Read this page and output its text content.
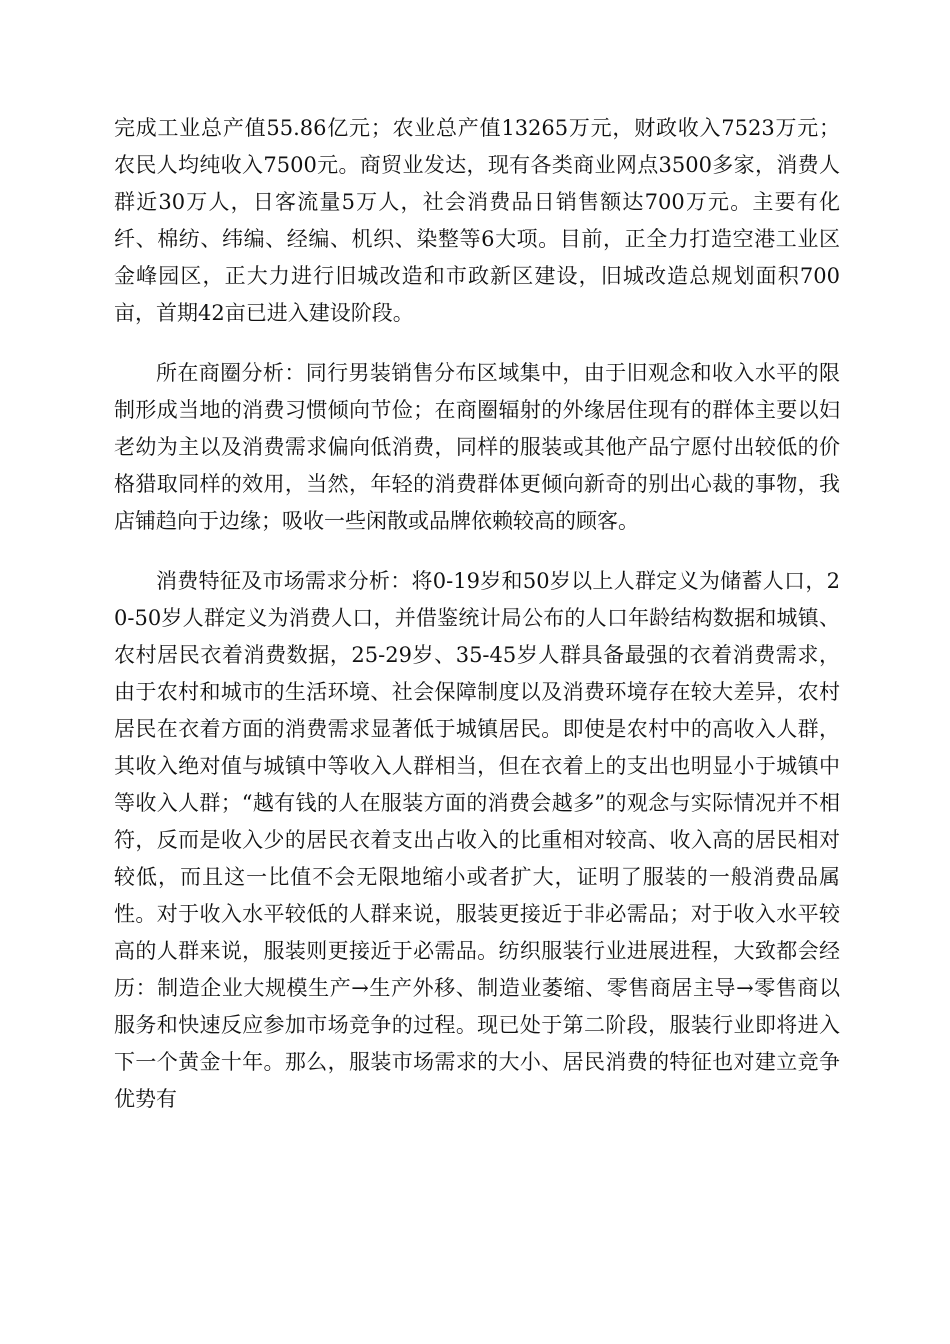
完成工业总产值55.86亿元；农业总产值13265万元，财政收入7523万元；农民人均纯收入7500元。商贸业发达，现有各类商业网点3500多家，消费人群近30万人，日客流量5万人，社会消费品日销售额达700万元。主要有化纤、棉纺、纬编、经编、机织、染整等6大项。目前，正全力打造空港工业区金峰园区，正大力进行旧城改造和市政新区建设，旧城改造总规划面积700亩，首期42亩已进入建设阶段。

所在商圈分析：同行男装销售分布区域集中，由于旧观念和收入水平的限制形成当地的消费习惯倾向节俭；在商圈辐射的外缘居住现有的群体主要以妇老幼为主以及消费需求偏向低消费，同样的服装或其他产品宁愿付出较低的价格猎取同样的效用，当然，年轻的消费群体更倾向新奇的别出心裁的事物，我店铺趋向于边缘；吸收一些闲散或品牌依赖较高的顾客。

消费特征及市场需求分析：将0-19岁和50岁以上人群定义为储蓄人口，20-50岁人群定义为消费人口，并借鉴统计局公布的人口年龄结构数据和城镇、农村居民衣着消费数据，25-29岁、35-45岁人群具备最强的衣着消费需求，由于农村和城市的生活环境、社会保障制度以及消费环境存在较大差异，农村居民在衣着方面的消费需求显著低于城镇居民。即使是农村中的高收入人群，其收入绝对值与城镇中等收入人群相当，但在衣着上的支出也明显小于城镇中等收入人群；“越有钱的人在服装方面的消费会越多”的观念与实际情况并不相符，反而是收入少的居民衣着支出占收入的比重相对较高、收入高的居民相对较低，而且这一比值不会无限地缩小或者扩大，证明了服装的一般消费品属性。对于收入水平较低的人群来说，服装更接近于非必需品；对于收入水平较高的人群来说，服装则更接近于必需品。纺织服装行业进展进程，大致都会经历：制造企业大规模生产→生产外移、制造业萎缩、零售商居主导→零售商以服务和快速反应参加市场竞争的过程。现已处于第二阶段，服装行业即将进入下一个黄金十年。那么，服装市场需求的大小、居民消费的特征也对建立竞争优势有
